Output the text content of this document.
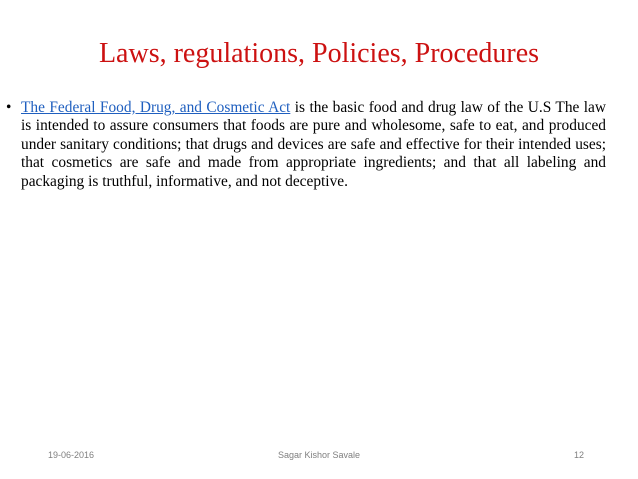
Laws, regulations, Policies, Procedures
• The Federal Food, Drug, and Cosmetic Act is the basic food and drug law of the U.S The law is intended to assure consumers that foods are pure and wholesome, safe to eat, and produced under sanitary conditions; that drugs and devices are safe and effective for their intended uses; that cosmetics are safe and made from appropriate ingredients; and that all labeling and packaging is truthful, informative, and not deceptive.
19-06-2016	Sagar Kishor Savale	12
